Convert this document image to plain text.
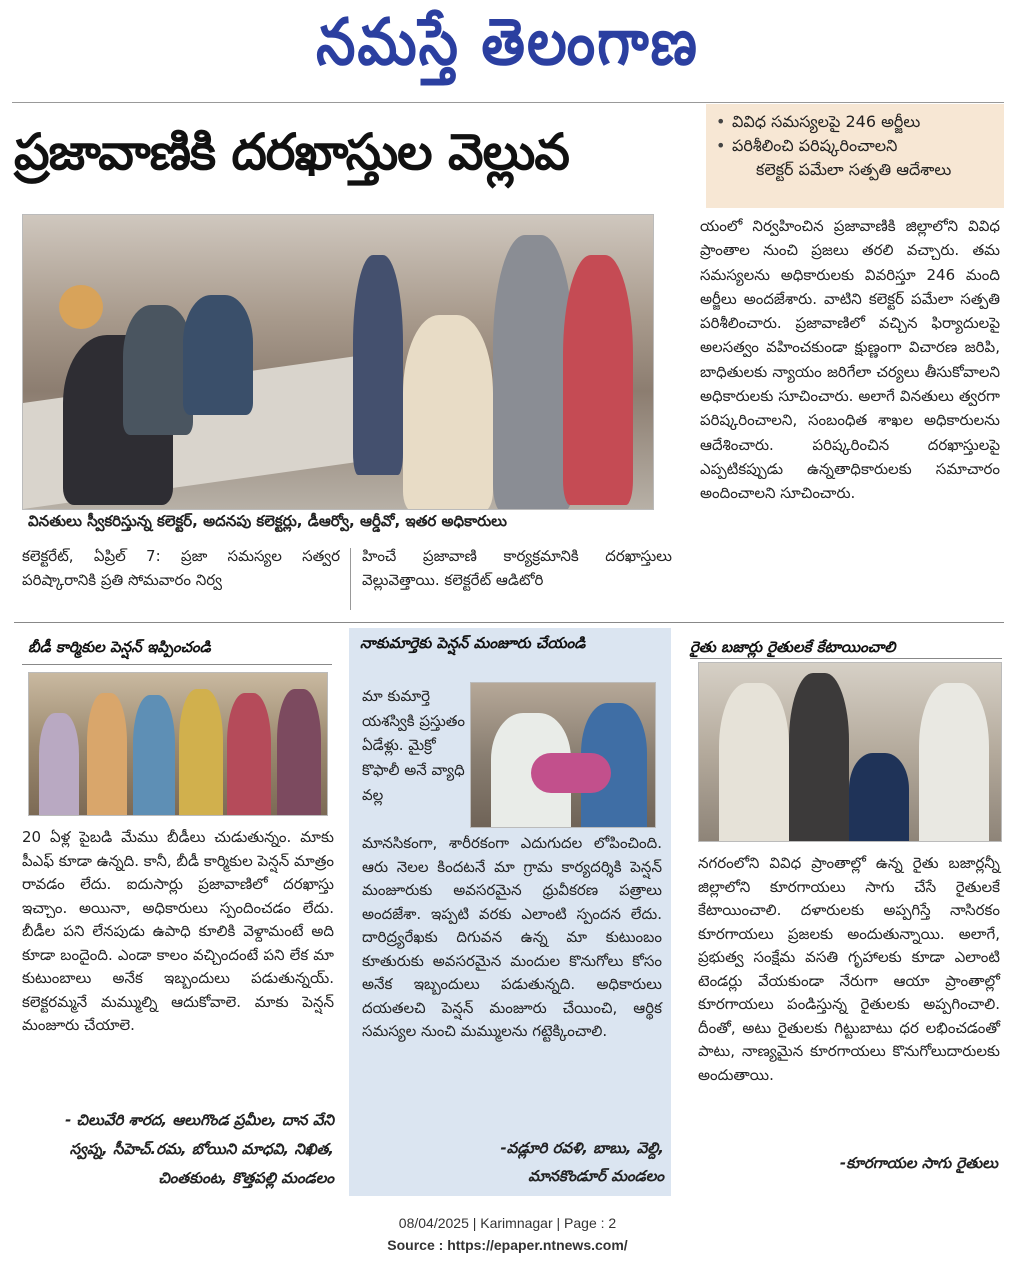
నమస్తే తెలంగాణ
ప్రజావాణికి దరఖాస్తుల వెల్లువ
• వివిధ సమస్యలపై 246 అర్జీలు
• పరిశీలించి పరిష్కరించాలని
కలెక్టర్ పమేలా సత్పతి ఆదేశాలు
వినతులు స్వీకరిస్తున్న కలెక్టర్, అదనపు కలెక్టర్లు, డీఆర్వో, ఆర్డీవో, ఇతర అధికారులు
కలెక్టరేట్, ఏప్రిల్ 7: ప్రజా సమస్యల సత్వర పరిష్కారానికి ప్రతి సోమవారం నిర్వ
హించే ప్రజావాణి కార్యక్రమానికి దరఖాస్తులు వెల్లువెత్తాయి. కలెక్టరేట్ ఆడిటోరి
యంలో నిర్వహించిన ప్రజావాణికి జిల్లాలోని వివిధ ప్రాంతాల నుంచి ప్రజలు తరలి వచ్చారు. తమ సమస్యలను అధికారులకు వివరిస్తూ 246 మంది అర్జీలు అందజేశారు. వాటిని కలెక్టర్ పమేలా సత్పతి పరిశీలించారు. ప్రజావాణిలో వచ్చిన ఫిర్యాదులపై అలసత్వం వహించకుండా క్షుణ్ణంగా విచారణ జరిపి, బాధితులకు న్యాయం జరిగేలా చర్యలు తీసుకోవాలని అధికారులకు సూచించారు. అలాగే వినతులు త్వరగా పరిష్కరించాలని, సంబంధిత శాఖల అధికారులను ఆదేశించారు. పరిష్కరించిన దరఖాస్తులపై ఎప్పటికప్పుడు ఉన్నతాధికారులకు సమాచారం అందించాలని సూచించారు.
బీడీ కార్మికుల పెన్షన్ ఇప్పించండి	నాకుమార్తెకు పెన్షన్ మంజూరు చేయండి	రైతు బజార్లు రైతులకే కేటాయించాలి
20 ఏళ్ల పైబడి మేము బీడీలు చుడుతున్నం. మాకు పీఎఫ్ కూడా ఉన్నది. కానీ, బీడీ కార్మికుల పెన్షన్ మాత్రం రావడం లేదు. ఐదుసార్లు ప్రజావాణిలో దరఖాస్తు ఇచ్చాం. అయినా, అధికారులు స్పందించడం లేదు. బీడీల పని లేనపుడు ఉపాధి కూలికి వెళ్దామంటే అది కూడా బందైంది. ఎండా కాలం వచ్చిందంటే పని లేక మా కుటుంబాలు అనేక ఇబ్బందులు పడుతున్నయ్. కలెక్టరమ్మనే మమ్ముల్ని ఆదుకోవాలె. మాకు పెన్షన్ మంజూరు చేయాలె.
- చిలువేరి శారద, ఆలుగొండ ప్రమీల, దాన వేని స్వప్న, సీహెచ్.రమ, బోయిని మాధవి, నిఖిత, చింతకుంట, కొత్తపల్లి మండలం
మా కుమార్తె యశస్వికి ప్రస్తుతం ఏడేళ్లు. మైక్రో కొఫాలీ అనే వ్యాధి వల్ల
మానసికంగా, శారీరకంగా ఎదుగుదల లోపించింది. ఆరు నెలల కిందటనే మా గ్రామ కార్యదర్శికి పెన్షన్ మంజూరుకు అవసరమైన ధ్రువీకరణ పత్రాలు అందజేశా. ఇప్పటి వరకు ఎలాంటి స్పందన లేదు. దారిద్ర్యరేఖకు దిగువన ఉన్న మా కుటుంబం కూతురుకు అవసరమైన మందుల కొనుగోలు కోసం అనేక ఇబ్బందులు పడుతున్నది. అధికారులు దయతలచి పెన్షన్ మంజూరు చేయించి, ఆర్థిక సమస్యల నుంచి మమ్ములను గట్టెక్కించాలి.
-వడ్లూరి రవళి, బాబు, వెల్ది,
మానకొండూర్ మండలం
నగరంలోని వివిధ ప్రాంతాల్లో ఉన్న రైతు బజార్లన్నీ జిల్లాలోని కూరగాయలు సాగు చేసే రైతులకే కేటాయించాలి. దళారులకు అప్పగిస్తే నాసిరకం కూరగాయలు ప్రజలకు అందుతున్నాయి. అలాగే, ప్రభుత్వ సంక్షేమ వసతి గృహాలకు కూడా ఎలాంటి టెండర్లు వేయకుండా నేరుగా ఆయా ప్రాంతాల్లో కూరగాయలు పండిస్తున్న రైతులకు అప్పగించాలి. దీంతో, అటు రైతులకు గిట్టుబాటు ధర లభించడంతో పాటు, నాణ్యమైన కూరగాయలు కొనుగోలుదారులకు అందుతాయి.
-కూరగాయల సాగు రైతులు
08/04/2025 | Karimnagar | Page : 2
Source : https://epaper.ntnews.com/
